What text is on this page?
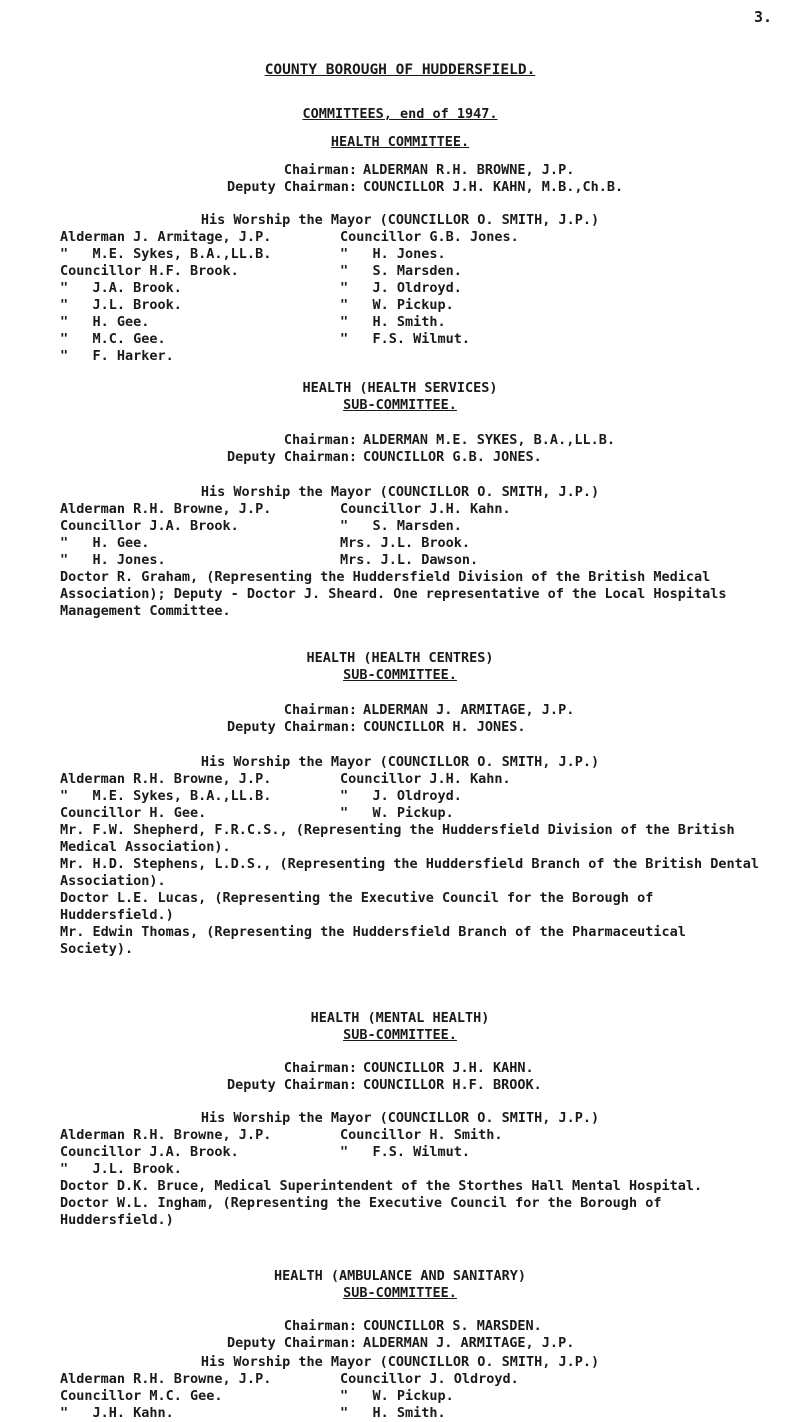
3.
COUNTY BOROUGH OF HUDDERSFIELD.
COMMITTEES, end of 1947.
HEALTH COMMITTEE.
Chairman: ALDERMAN R.H. BROWNE, J.P.
Deputy Chairman: COUNCILLOR J.H. KAHN, M.B.,Ch.B.
His Worship the Mayor (COUNCILLOR O. SMITH, J.P.)
Alderman J. Armitage, J.P.	Councillor G.B. Jones.
"   M.E. Sykes, B.A.,LL.B.	"   H. Jones.
Councillor H.F. Brook.	"   S. Marsden.
"   J.A. Brook.	"   J. Oldroyd.
"   J.L. Brook.	"   W. Pickup.
"   H. Gee.	"   H. Smith.
"   M.C. Gee.	"   F.S. Wilmut.
"   F. Harker.
HEALTH (HEALTH SERVICES)
SUB-COMMITTEE.
Chairman: ALDERMAN M.E. SYKES, B.A.,LL.B.
Deputy Chairman: COUNCILLOR G.B. JONES.
His Worship the Mayor (COUNCILLOR O. SMITH, J.P.)
Alderman R.H. Browne, J.P.	Councillor J.H. Kahn.
Councillor J.A. Brook.	"   S. Marsden.
"   H. Gee.	Mrs. J.L. Brook.
"   H. Jones.	Mrs. J.L. Dawson.
Doctor R. Graham, (Representing the Huddersfield Division of the British Medical Association); Deputy - Doctor J. Sheard. One representative of the Local Hospitals Management Committee.
HEALTH (HEALTH CENTRES)
SUB-COMMITTEE.
Chairman: ALDERMAN J. ARMITAGE, J.P.
Deputy Chairman: COUNCILLOR H. JONES.
His Worship the Mayor (COUNCILLOR O. SMITH, J.P.)
Alderman R.H. Browne, J.P.	Councillor J.H. Kahn.
"   M.E. Sykes, B.A.,LL.B.	"   J. Oldroyd.
Councillor H. Gee.	"   W. Pickup.
Mr. F.W. Shepherd, F.R.C.S., (Representing the Huddersfield Division of the British Medical Association).
Mr. H.D. Stephens, L.D.S., (Representing the Huddersfield Branch of the British Dental Association).
Doctor L.E. Lucas, (Representing the Executive Council for the Borough of Huddersfield.)
Mr. Edwin Thomas, (Representing the Huddersfield Branch of the Pharmaceutical Society).
HEALTH (MENTAL HEALTH)
SUB-COMMITTEE.
Chairman: COUNCILLOR J.H. KAHN.
Deputy Chairman: COUNCILLOR H.F. BROOK.
His Worship the Mayor (COUNCILLOR O. SMITH, J.P.)
Alderman R.H. Browne, J.P.	Councillor H. Smith.
Councillor J.A. Brook.	"   F.S. Wilmut.
"   J.L. Brook.
Doctor D.K. Bruce, Medical Superintendent of the Storthes Hall Mental Hospital.
Doctor W.L. Ingham, (Representing the Executive Council for the Borough of Huddersfield.)
HEALTH (AMBULANCE AND SANITARY)
SUB-COMMITTEE.
Chairman: COUNCILLOR S. MARSDEN.
Deputy Chairman: ALDERMAN J. ARMITAGE, J.P.
His Worship the Mayor (COUNCILLOR O. SMITH, J.P.)
Alderman R.H. Browne, J.P.	Councillor J. Oldroyd.
Councillor M.C. Gee.	"   W. Pickup.
"   J.H. Kahn.	"   H. Smith.
